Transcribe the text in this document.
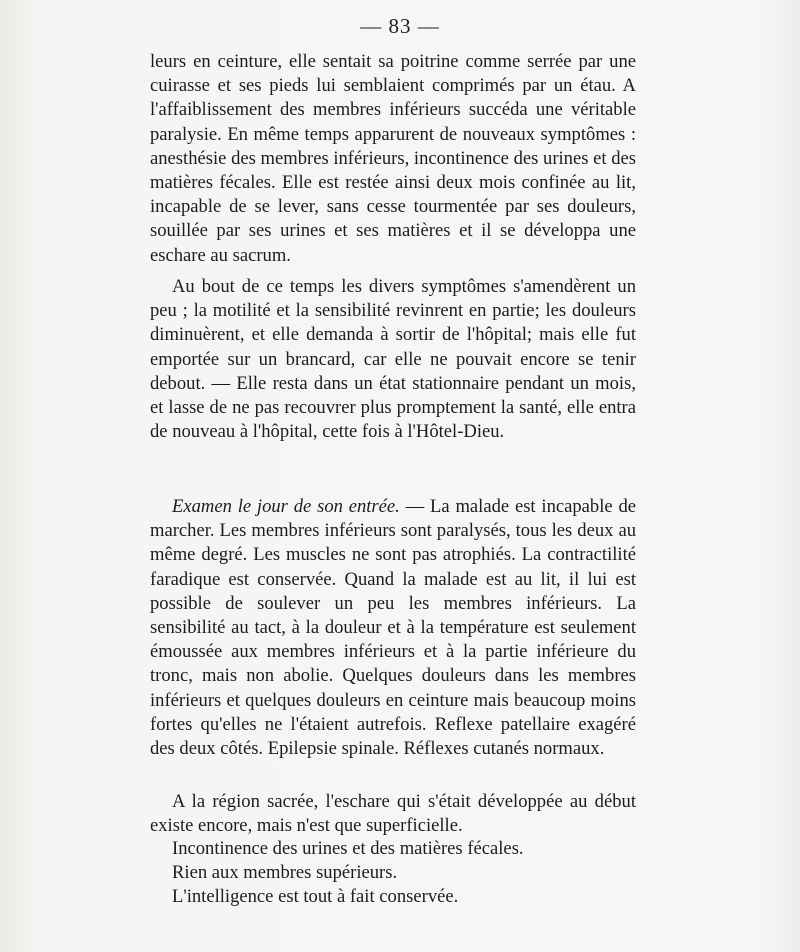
— 83 —

leurs en ceinture, elle sentait sa poitrine comme serrée par une cuirasse et ses pieds lui semblaient comprimés par un étau. A l'affaiblissement des membres inférieurs succéda une véritable paralysie. En même temps apparurent de nouveaux symptômes : anesthésie des membres inférieurs, incontinence des urines et des matières fécales. Elle est restée ainsi deux mois confinée au lit, incapable de se lever, sans cesse tourmentée par ses douleurs, souillée par ses urines et ses matières et il se développa une eschare au sacrum.

Au bout de ce temps les divers symptômes s'amendèrent un peu ; la motilité et la sensibilité revinrent en partie; les douleurs diminuèrent, et elle demanda à sortir de l'hôpital; mais elle fut emportée sur un brancard, car elle ne pouvait encore se tenir debout. — Elle resta dans un état stationnaire pendant un mois, et lasse de ne pas recouvrer plus promptement la santé, elle entra de nouveau à l'hôpital, cette fois à l'Hôtel-Dieu.

Examen le jour de son entrée. — La malade est incapable de marcher. Les membres inférieurs sont paralysés, tous les deux au même degré. Les muscles ne sont pas atrophiés. La contractilité faradique est conservée. Quand la malade est au lit, il lui est possible de soulever un peu les membres inférieurs. La sensibilité au tact, à la douleur et à la température est seulement émoussée aux membres inférieurs et à la partie inférieure du tronc, mais non abolie. Quelques douleurs dans les membres inférieurs et quelques douleurs en ceinture mais beaucoup moins fortes qu'elles ne l'étaient autrefois. Reflexe patellaire exagéré des deux côtés. Epilepsie spinale. Réflexes cutanés normaux.

A la région sacrée, l'eschare qui s'était développée au début existe encore, mais n'est que superficielle.

Incontinence des urines et des matières fécales.

Rien aux membres supérieurs.

L'intelligence est tout à fait conservée.
